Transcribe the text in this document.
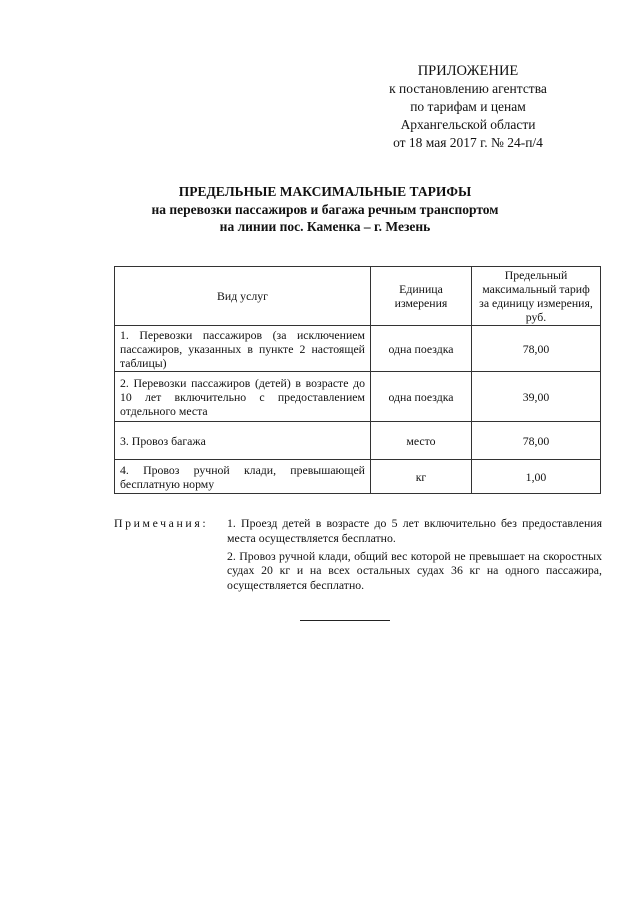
ПРИЛОЖЕНИЕ
к постановлению агентства
по тарифам и ценам
Архангельской области
от 18 мая 2017 г. № 24-п/4
ПРЕДЕЛЬНЫЕ МАКСИМАЛЬНЫЕ ТАРИФЫ
на перевозки пассажиров и багажа речным транспортом
на линии пос. Каменка – г. Мезень
Вид услуг	Единица измерения	Предельный максимальный тариф за единицу измерения, руб.
1. Перевозки пассажиров (за исключением пассажиров, указанных в пункте 2 настоящей таблицы)	одна поездка	78,00
2. Перевозки пассажиров (детей) в возрасте до 10 лет включительно с предоставлением отдельного места	одна поездка	39,00
3. Провоз багажа	место	78,00
4. Провоз ручной клади, превышающей бесплатную норму	кг	1,00
Примечания: 1. Проезд детей в возрасте до 5 лет включительно без предоставления места осуществляется бесплатно.

2. Провоз ручной клади, общий вес которой не превышает на скоростных судах 20 кг и на всех остальных судах 36 кг на одного пассажира, осуществляется бесплатно.
